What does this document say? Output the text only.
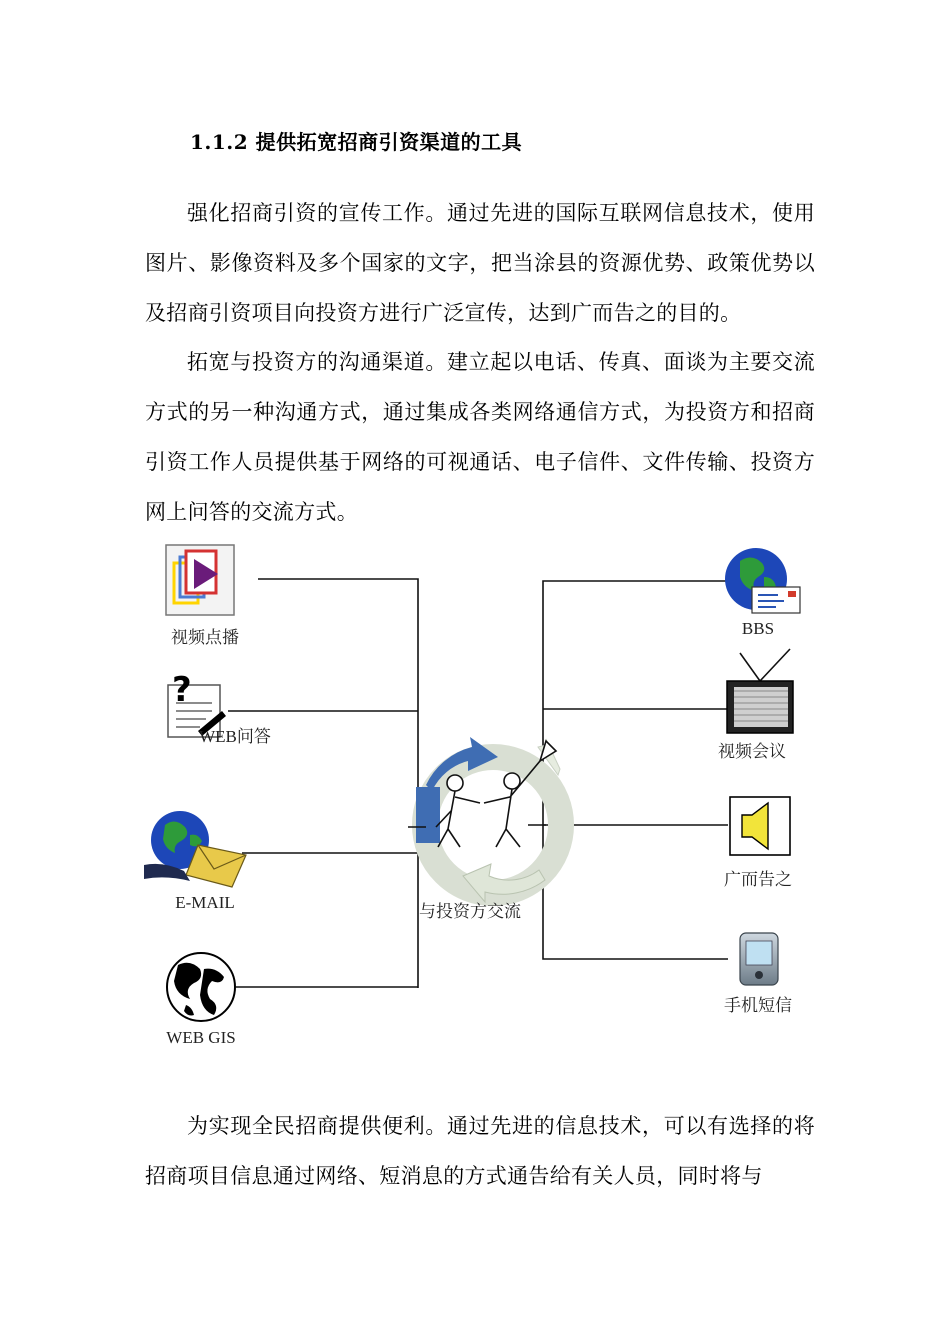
1.1.2 提供拓宽招商引资渠道的工具

强化招商引资的宣传工作。通过先进的国际互联网信息技术，使用图片、影像资料及多个国家的文字，把当涂县的资源优势、政策优势以及招商引资项目向投资方进行广泛宣传，达到广而告之的目的。

拓宽与投资方的沟通渠道。建立起以电话、传真、面谈为主要交流方式的另一种沟通方式，通过集成各类网络通信方式，为投资方和招商引资工作人员提供基于网络的可视通话、电子信件、文件传输、投资方网上问答的交流方式。

与投资方交流
视频点播
?
WEB问答
E-MAIL
WEB GIS
BBS
视频会议
广而告之
手机短信

为实现全民招商提供便利。通过先进的信息技术，可以有选择的将招商项目信息通过网络、短消息的方式通告给有关人员，同时将与
